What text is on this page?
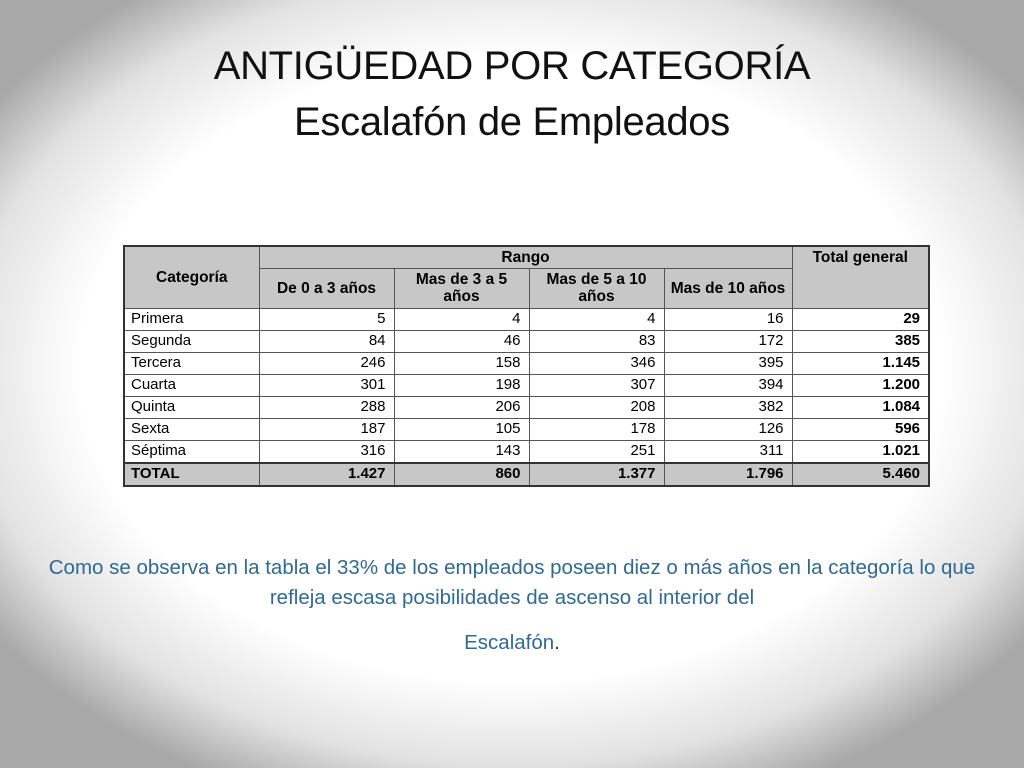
ANTIGÜEDAD POR CATEGORÍA
Escalafón de Empleados
Categoría	Rango				Total general
	De 0 a 3 años	Mas de 3 a 5 años	Mas de 5 a 10 años	Mas de 10 años	
Primera	5	4	4	16	29
Segunda	84	46	83	172	385
Tercera	246	158	346	395	1.145
Cuarta	301	198	307	394	1.200
Quinta	288	206	208	382	1.084
Sexta	187	105	178	126	596
Séptima	316	143	251	311	1.021
TOTAL	1.427	860	1.377	1.796	5.460
Como se observa en la tabla el 33% de los empleados poseen diez o más años en la categoría lo que refleja escasa posibilidades de ascenso al interior del
Escalafón.
